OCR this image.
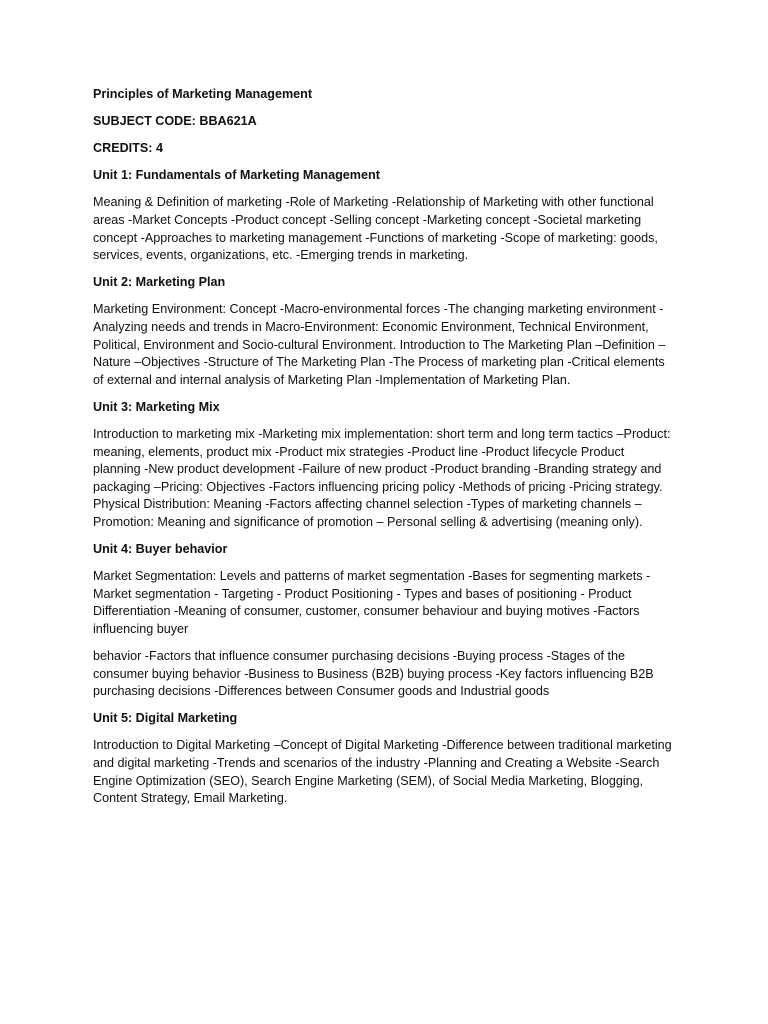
Principles of Marketing Management
SUBJECT CODE: BBA621A
CREDITS: 4
Unit 1: Fundamentals of Marketing Management
Meaning & Definition of marketing -Role of Marketing -Relationship of Marketing with other functional areas -Market Concepts -Product concept -Selling concept -Marketing concept -Societal marketing concept -Approaches to marketing management -Functions of marketing -Scope of marketing: goods, services, events, organizations, etc. -Emerging trends in marketing.
Unit 2: Marketing Plan
Marketing Environment: Concept -Macro-environmental forces -The changing marketing environment -Analyzing needs and trends in Macro-Environment: Economic Environment, Technical Environment, Political, Environment and Socio-cultural Environment. Introduction to The Marketing Plan –Definition –Nature –Objectives -Structure of The Marketing Plan -The Process of marketing plan -Critical elements of external and internal analysis of Marketing Plan -Implementation of Marketing Plan.
Unit 3: Marketing Mix
Introduction to marketing mix -Marketing mix implementation: short term and long term tactics –Product: meaning, elements, product mix -Product mix strategies -Product line -Product lifecycle Product planning -New product development -Failure of new product -Product branding -Branding strategy and packaging –Pricing: Objectives -Factors influencing pricing policy -Methods of pricing -Pricing strategy. Physical Distribution: Meaning -Factors affecting channel selection -Types of marketing channels –Promotion: Meaning and significance of promotion – Personal selling & advertising (meaning only).
Unit 4: Buyer behavior
Market Segmentation: Levels and patterns of market segmentation -Bases for segmenting markets -Market segmentation - Targeting - Product Positioning - Types and bases of positioning - Product Differentiation -Meaning of consumer, customer, consumer behaviour and buying motives -Factors influencing buyer
behavior -Factors that influence consumer purchasing decisions -Buying process -Stages of the consumer buying behavior -Business to Business (B2B) buying process -Key factors influencing B2B purchasing decisions -Differences between Consumer goods and Industrial goods
Unit 5: Digital Marketing
Introduction to Digital Marketing –Concept of Digital Marketing -Difference between traditional marketing and digital marketing -Trends and scenarios of the industry -Planning and Creating a Website -Search Engine Optimization (SEO), Search Engine Marketing (SEM), of Social Media Marketing, Blogging, Content Strategy, Email Marketing.
